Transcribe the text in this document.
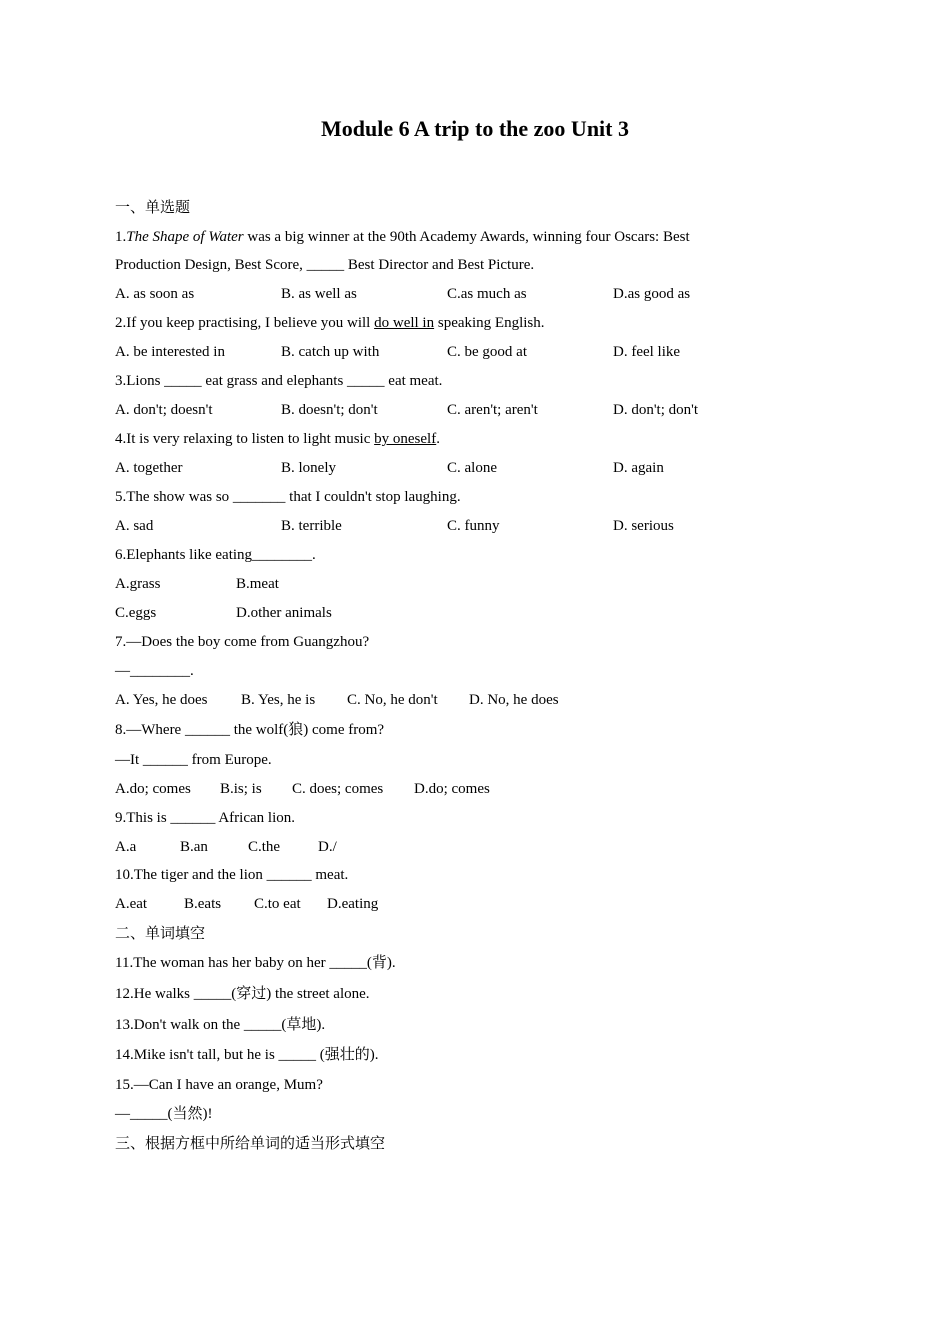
Module 6 A trip to the zoo Unit 3
一、单选题
1.The Shape of Water was a big winner at the 90th Academy Awards, winning four Oscars: Best
Production Design, Best Score, _____ Best Director and Best Picture.
A. as soon as	B. as well as	C.as much as	D.as good as
2.If you keep practising, I believe you will do well in speaking English.
A. be interested in	B. catch up with	C. be good at	D. feel like
3.Lions _____ eat grass and elephants _____ eat meat.
A. don't; doesn't	B. doesn't; don't	C. aren't; aren't	D. don't; don't
4.It is very relaxing to listen to light music by oneself.
A. together	B. lonely	C. alone	D. again
5.The show was so _______ that I couldn't stop laughing.
A. sad	B. terrible	C. funny	D. serious
6.Elephants like eating________.
A.grass	B.meat
C.eggs	D.other animals
7.—Does the boy come from Guangzhou?
—________.
A. Yes, he does B. Yes, he is C. No, he don't D. No, he does
8.—Where ______ the wolf(狼) come from?
—It ______ from Europe.
A.do; comes B.is; is C. does; comes D.do; comes
9.This is ______ African lion.
A.a	B.an	C.the	D./
10.The tiger and the lion ______ meat.
A.eat B.eats C.to eat D.eating
二、单词填空
11.The woman has her baby on her _____(背).
12.He walks _____(穿过) the street alone.
13.Don't walk on the _____(草地).
14.Mike isn't tall, but he is _____ (强壮的).
15.—Can I have an orange, Mum?
—_____(当然)!
三、根据方框中所给单词的适当形式填空
